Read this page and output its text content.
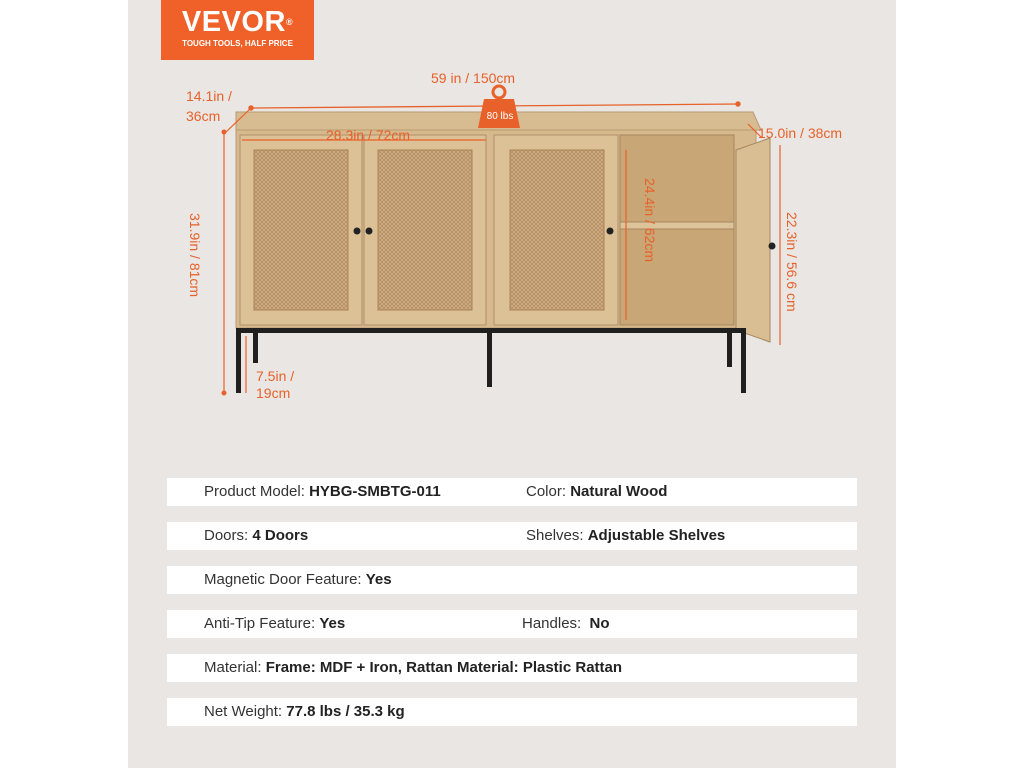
VEVOR®
TOUGH TOOLS, HALF PRICE
59 in / 150cm
14.1in /
36cm	80 lbs
28.3in / 72cm	15.0in / 38cm
31.9in / 81cm	24.4in / 62cm	22.3in / 56.6 cm
7.5in /
19cm
Product Model: HYBG-SMBTG-011	Color: Natural Wood
Doors: 4 Doors	Shelves: Adjustable Shelves
Magnetic Door Feature: Yes
Anti-Tip Feature: Yes	Handles: No
Material: Frame: MDF + Iron, Rattan Material: Plastic Rattan
Net Weight: 77.8 lbs / 35.3 kg
